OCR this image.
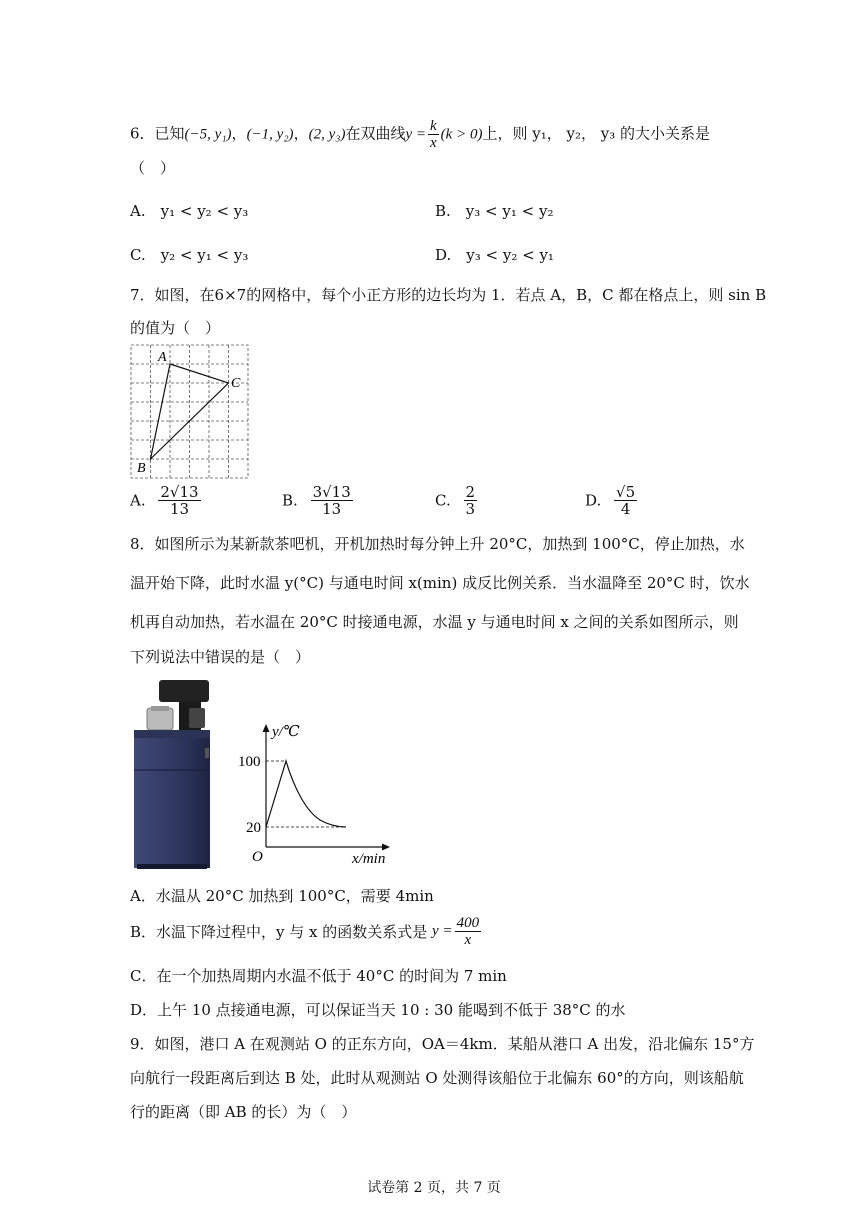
6．已知(−5, y₁)，(−1, y₂)，(2, y₃)在双曲线$y = \frac{k}{x} (k > 0)$上，则 y₁， y₂， y₃ 的大小关系是
（　）
A.　y₁ < y₂ < y₃	B.　y₃ < y₁ < y₂
C.　y₂ < y₁ < y₃	D.　y₃ < y₂ < y₁
7．如图，在6×7的网格中，每个小正方形的边长均为 1．若点 A，B，C 都在格点上，则 sin B
的值为（　）
A
C
B
A. $\frac{2√13}{13}$	B. $\frac{3√13}{13}$	C. $\frac{2}{3}$	D. $\frac{√5}{4}$
8．如图所示为某新款茶吧机，开机加热时每分钟上升 20°C，加热到 100°C，停止加热，水
温开始下降，此时水温 y(°C) 与通电时间 x(min) 成反比例关系．当水温降至 20°C 时，饮水
机再自动加热，若水温在 20°C 时接通电源，水温 y 与通电时间 x 之间的关系如图所示，则
下列说法中错误的是（　）
y/℃
100
20
O	x/min
A．水温从 20°C 加热到 100°C，需要 4min
B．水温下降过程中，y 与 x 的函数关系式是 $y = \frac{400}{x}$
C．在一个加热周期内水温不低于 40°C 的时间为 7 min
D．上午 10 点接通电源，可以保证当天 10 : 30 能喝到不低于 38°C 的水
9．如图，港口 A 在观测站 O 的正东方向，OA＝4km．某船从港口 A 出发，沿北偏东 15°方
向航行一段距离后到达 B 处，此时从观测站 O 处测得该船位于北偏东 60°的方向，则该船航
行的距离（即 AB 的长）为（　）
试卷第 2 页，共 7 页
